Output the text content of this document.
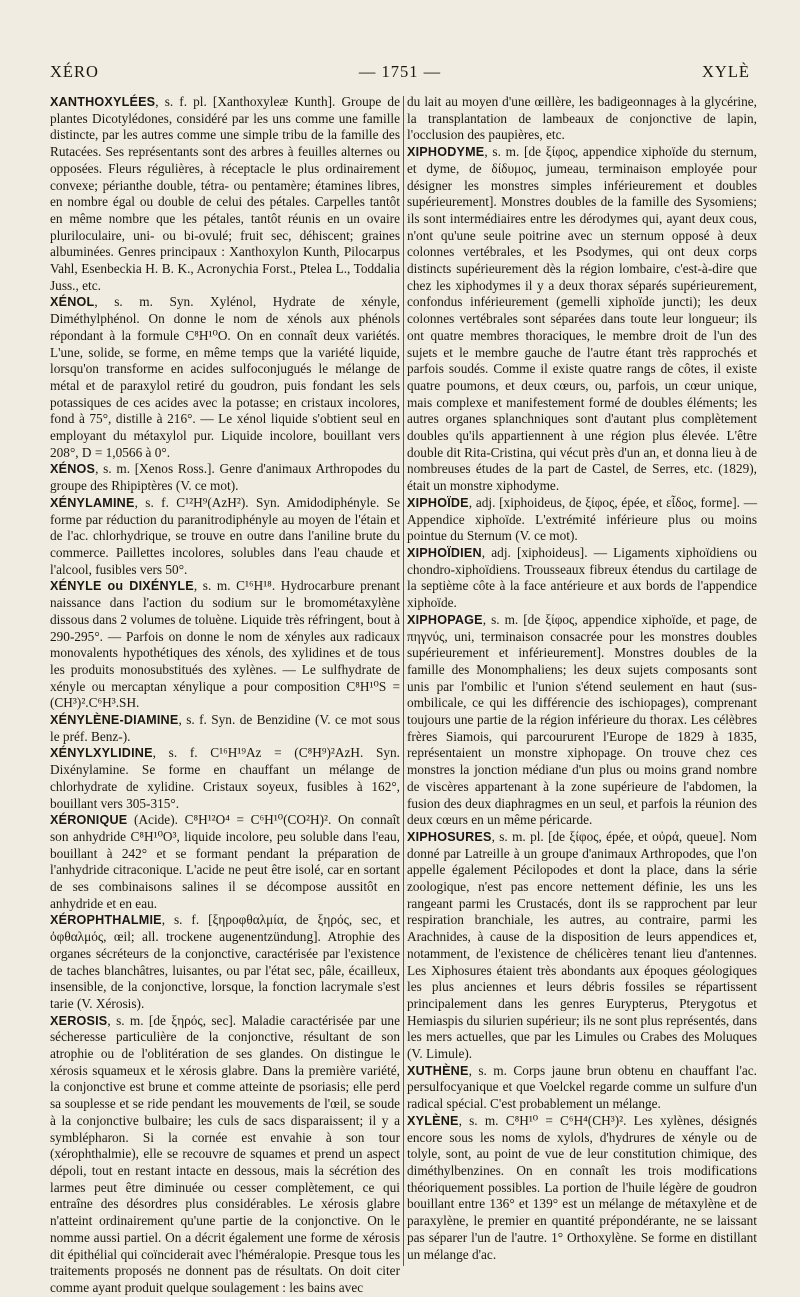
XÉRO	— 1751 —	XYLÈ

XANTHOXYLÉES, s. f. pl. [Xanthoxyleæ Kunth]. Groupe de plantes Dicotylédones, considéré par les uns comme une famille distincte, par les autres comme une simple tribu de la famille des Rutacées. Ses représentants sont des arbres à feuilles alternes ou opposées. Fleurs régulières, à réceptacle le plus ordinairement convexe; périanthe double, tétra- ou pentamère; étamines libres, en nombre égal ou double de celui des pétales. Carpelles tantôt en même nombre que les pétales, tantôt réunis en un ovaire pluriloculaire, uni- ou bi-ovulé; fruit sec, déhiscent; graines albuminées. Genres principaux : Xanthoxylon Kunth, Pilocarpus Vahl, Esenbeckia H. B. K., Acronychia Forst., Ptelea L., Toddalia Juss., etc.

XÉNOL, s. m. Syn. Xylénol, Hydrate de xényle, Diméthylphénol. On donne le nom de xénols aux phénols répondant à la formule C⁸H¹⁰O. On en connaît deux variétés. L'une, solide, se forme, en même temps que la variété liquide, lorsqu'on transforme en acides sulfoconjugués le mélange de métal et de paraxylol retiré du goudron, puis fondant les sels potassiques de ces acides avec la potasse; en cristaux incolores, fond à 75°, distille à 216°. — Le xénol liquide s'obtient seul en employant du métaxylol pur. Liquide incolore, bouillant vers 208°, D = 1,0566 à 0°.

XÉNOS, s. m. [Xenos Ross.]. Genre d'animaux Arthropodes du groupe des Rhipiptères (V. ce mot).

XÉNYLAMINE, s. f. C¹²H⁹(AzH²). Syn. Amidodiphényle. Se forme par réduction du paranitrodiphényle au moyen de l'étain et de l'ac. chlorhydrique, se trouve en outre dans l'aniline brute du commerce. Paillettes incolores, solubles dans l'eau chaude et l'alcool, fusibles vers 50°.

XÉNYLE ou DIXÉNYLE, s. m. C¹⁶H¹⁸. Hydrocarbure prenant naissance dans l'action du sodium sur le bromométaxylène dissous dans 2 volumes de toluène. Liquide très réfringent, bout à 290-295°. — Parfois on donne le nom de xényles aux radicaux monovalents hypothétiques des xénols, des xylidines et de tous les produits monosubstitués des xylènes. — Le sulfhydrate de xényle ou mercaptan xénylique a pour composition C⁸H¹⁰S = (CH³)².C⁶H³.SH.

XÉNYLÈNE-DIAMINE, s. f. Syn. de Benzidine (V. ce mot sous le préf. Benz-).

XÉNYLXYLIDINE, s. f. C¹⁶H¹⁹Az = (C⁸H⁹)²AzH. Syn. Dixénylamine. Se forme en chauffant un mélange de chlorhydrate de xylidine. Cristaux soyeux, fusibles à 162°, bouillant vers 305-315°.

XÉRONIQUE (Acide). C⁸H¹²O⁴ = C⁶H¹⁰(CO²H)². On connaît son anhydride C⁸H¹⁰O³, liquide incolore, peu soluble dans l'eau, bouillant à 242° et se formant pendant la préparation de l'anhydride citraconique. L'acide ne peut être isolé, car en sortant de ses combinaisons salines il se décompose aussitôt en anhydride et en eau.

XÉROPHTHALMIE, s. f. [ξηροφθαλμία, de ξηρός, sec, et ὀφθαλμός, œil; all. trockene augenentzündung]. Atrophie des organes sécréteurs de la conjonctive, caractérisée par l'existence de taches blanchâtres, luisantes, ou par l'état sec, pâle, écailleux, insensible, de la conjonctive, lorsque, la fonction lacrymale s'est tarie (V. Xérosis).

XEROSIS, s. m. [de ξηρός, sec]. Maladie caractérisée par une sécheresse particulière de la conjonctive, résultant de son atrophie ou de l'oblitération de ses glandes. On distingue le xérosis squameux et le xérosis glabre. Dans la première variété, la conjonctive est brune et comme atteinte de psoriasis; elle perd sa souplesse et se ride pendant les mouvements de l'œil, se soude à la conjonctive bulbaire; les culs de sacs disparaissent; il y a symblépharon. Si la cornée est envahie à son tour (xérophthalmie), elle se recouvre de squames et prend un aspect dépoli, tout en restant intacte en dessous, mais la sécrétion des larmes peut être diminuée ou cesser complètement, ce qui entraîne des désordres plus considérables. Le xérosis glabre n'atteint ordinairement qu'une partie de la conjonctive. On le nomme aussi partiel. On a décrit également une forme de xérosis dit épithélial qui coïnciderait avec l'héméralopie. Presque tous les traitements proposés ne donnent pas de résultats. On doit citer comme ayant produit quelque soulagement : les bains avec

du lait au moyen d'une œillère, les badigeonnages à la glycérine, la transplantation de lambeaux de conjonctive de lapin, l'occlusion des paupières, etc.

XIPHODYME, s. m. [de ξίφος, appendice xiphoïde du sternum, et dyme, de δίδυμος, jumeau, terminaison employée pour désigner les monstres simples inférieurement et doubles supérieurement]. Monstres doubles de la famille des Sysomiens; ils sont intermédiaires entre les dérodymes qui, ayant deux cous, n'ont qu'une seule poitrine avec un sternum opposé à deux colonnes vertébrales, et les Psodymes, qui ont deux corps distincts supérieurement dès la région lombaire, c'est-à-dire que chez les xiphodymes il y a deux thorax séparés supérieurement, confondus inférieurement (gemelli xiphoïde juncti); les deux colonnes vertébrales sont séparées dans toute leur longueur; ils ont quatre membres thoraciques, le membre droit de l'un des sujets et le membre gauche de l'autre étant très rapprochés et parfois soudés. Comme il existe quatre rangs de côtes, il existe quatre poumons, et deux cœurs, ou, parfois, un cœur unique, mais complexe et manifestement formé de doubles éléments; les autres organes splanchniques sont d'autant plus complètement doubles qu'ils appartiennent à une région plus élevée. L'être double dit Rita-Cristina, qui vécut près d'un an, et donna lieu à de nombreuses études de la part de Castel, de Serres, etc. (1829), était un monstre xiphodyme.

XIPHOÏDE, adj. [xiphoideus, de ξίφος, épée, et εἶδος, forme]. — Appendice xiphoïde. L'extrémité inférieure plus ou moins pointue du Sternum (V. ce mot).

XIPHOÏDIEN, adj. [xiphoideus]. — Ligaments xiphoïdiens ou chondro-xiphoïdiens. Trousseaux fibreux étendus du cartilage de la septième côte à la face antérieure et aux bords de l'appendice xiphoïde.

XIPHOPAGE, s. m. [de ξίφος, appendice xiphoïde, et page, de πηγνύς, uni, terminaison consacrée pour les monstres doubles supérieurement et inférieurement]. Monstres doubles de la famille des Monomphaliens; les deux sujets composants sont unis par l'ombilic et l'union s'étend seulement en haut (sus-ombilicale, ce qui les différencie des ischiopages), comprenant toujours une partie de la région inférieure du thorax. Les célèbres frères Siamois, qui parcoururent l'Europe de 1829 à 1835, représentaient un monstre xiphopage. On trouve chez ces monstres la jonction médiane d'un plus ou moins grand nombre de viscères appartenant à la zone supérieure de l'abdomen, la fusion des deux diaphragmes en un seul, et parfois la réunion des deux cœurs en un même péricarde.

XIPHOSURES, s. m. pl. [de ξίφος, épée, et οὐρά, queue]. Nom donné par Latreille à un groupe d'animaux Arthropodes, que l'on appelle également Pécilopodes et dont la place, dans la série zoologique, n'est pas encore nettement définie, les uns les rangeant parmi les Crustacés, dont ils se rapprochent par leur respiration branchiale, les autres, au contraire, parmi les Arachnides, à cause de la disposition de leurs appendices et, notamment, de l'existence de chélicères tenant lieu d'antennes. Les Xiphosures étaient très abondants aux époques géologiques les plus anciennes et leurs débris fossiles se répartissent principalement dans les genres Eurypterus, Pterygotus et Hemiaspis du silurien supérieur; ils ne sont plus représentés, dans les mers actuelles, que par les Limules ou Crabes des Moluques (V. Limule).

XUTHÈNE, s. m. Corps jaune brun obtenu en chauffant l'ac. persulfocyanique et que Voelckel regarde comme un sulfure d'un radical spécial. C'est probablement un mélange.

XYLÈNE, s. m. C⁸H¹⁰ = C⁶H⁴(CH³)². Les xylènes, désignés encore sous les noms de xylols, d'hydrures de xényle ou de tolyle, sont, au point de vue de leur constitution chimique, des diméthylbenzines. On en connaît les trois modifications théoriquement possibles. La portion de l'huile légère de goudron bouillant entre 136° et 139° est un mélange de métaxylène et de paraxylène, le premier en quantité prépondérante, ne se laissant pas séparer l'un de l'autre. 1° Orthoxylène. Se forme en distillant un mélange d'ac.
